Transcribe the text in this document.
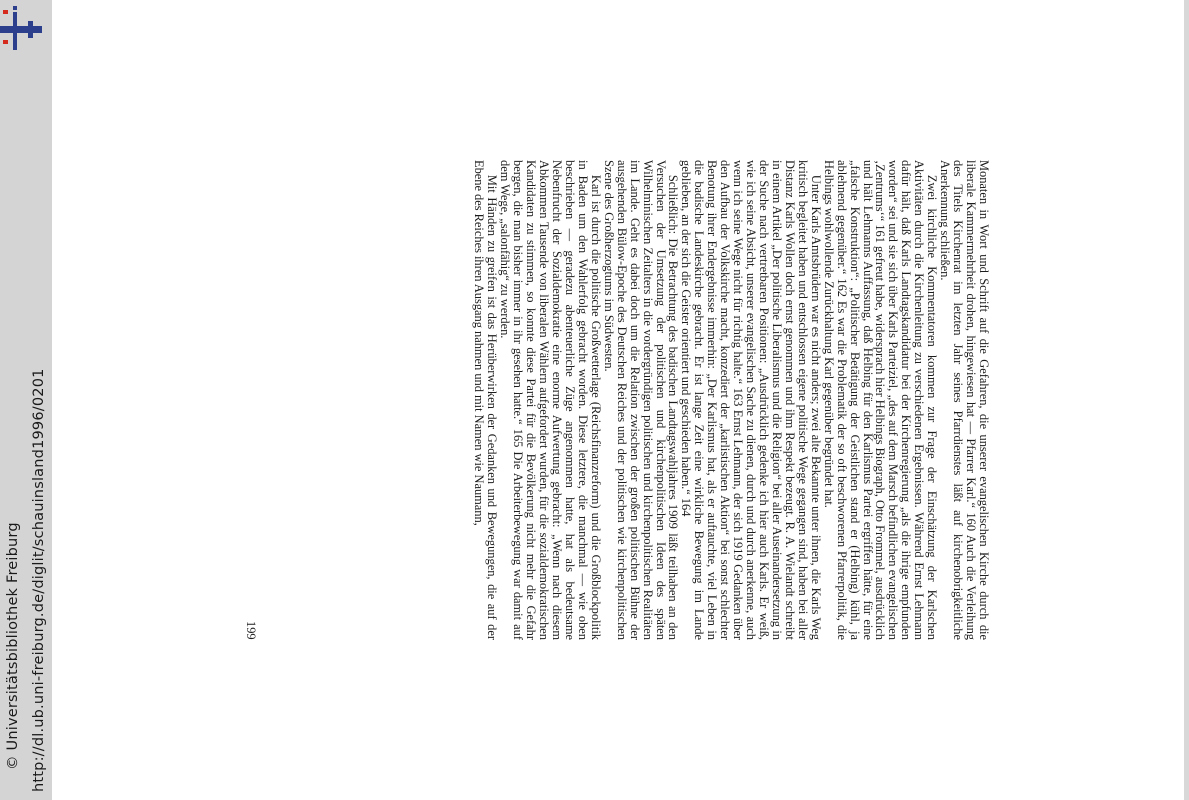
http://dl.ub.uni-freiburg.de/diglit/schauinsland1996/0201
© Universitätsbibliothek Freiburg

Monaten in Wort und Schrift auf die Gefahren, die unserer evangelischen Kirche durch die liberale Kammermehrheit drohen, hingewiesen hat — Pfarrer Karl.“ 160 Auch die Verleihung des Titels Kirchenrat im letzten Jahr seines Pfarrdienstes läßt auf kirchenobrigkeitliche Anerkennung schließen.

Zwei kirchliche Kommentatoren kommen zur Frage der Einschätzung der Karlschen Aktivitäten durch die Kirchenleitung zu verschiedenen Ergebnissen. Während Ernst Lehmann dafür hält, daß Karls Landtagskandidatur bei der Kirchenregierung „als die ihrige empfunden worden“ sei und sie sich über Karls Parteiziel, „des auf dem Marsch befindlichen evangelischen ‚Zentrums‘“ 161 gefreut habe, widersprach hier Helbings Biograph, Otto Frommel, ausdrücklich und hält Lehmanns Auffassung, daß Helbing für den Karlismus Partei ergriffen hätte, für eine „falsche Konstruktion“: „Politischer Betätigung der Geistlichen stand er (Helbing) kühl, ja ablehnend gegenüber.“ 162 Es war die Problematik der so oft beschworenen Pfarrerpolitik, die Helbings wohlwollende Zurückhaltung Karl gegenüber begründet hat.

Unter Karls Amtsbrüdern war es nicht anders; zwei alte Bekannte unter ihnen, die Karls Weg kritisch begleitet haben und entschlossen eigene politische Wege gegangen sind, haben bei aller Distanz Karls Wollen doch ernst genommen und ihm Respekt bezeugt. R. A. Wielandt schreibt in einem Artikel „Der politische Liberalismus und die Religion“ bei aller Auseinandersetzung in der Suche nach vertretbaren Positionen: „Ausdrücklich gedenke ich hier auch Karls. Er weiß, wie ich seine Absicht, unserer evangelischen Sache zu dienen, durch und durch anerkenne, auch wenn ich seine Wege nicht für richtig halte.“ 163 Ernst Lehmann, der sich 1919 Gedanken über den Aufbau der Volkskirche macht, konzediert der „karlistischen Aktion“ bei sonst schlechter Benotung ihrer Endergebnisse immerhin: „Der Karlismus hat, als er auftauchte, viel Leben in die badische Landeskirche gebracht. Er ist lange Zeit eine wirkliche Bewegung im Lande geblieben, an der sich die Geister orientiert und geschieden haben.“ 164

Schließlich: Die Betrachtung des badischen Landtagswahljahres 1909 läßt teilhaben an den Versuchen der Umsetzung der politischen und kirchenpolitischen Ideen des späten Wilhelminischen Zeitalters in die vordergründigen politischen und kirchenpolitischen Realitäten im Lande. Geht es dabei doch um die Relation zwischen der großen politischen Bühne der ausgehenden Bülow-Epoche des Deutschen Reiches und der politischen wie kirchenpolitischen Szene des Großherzogtums im Südwesten.

Karl ist durch die politische Großwetterlage (Reichsfinanzreform) und die Großblockpolitik in Baden um den Wahlerfolg gebracht worden. Diese letztere, die manchmal — wie oben beschrieben — geradezu abenteuerliche Züge angenommen hatte, hat als bedeutsame Nebenfrucht der Sozialdemokratie eine enorme Aufwertung gebracht: „Wenn nach diesem Abkommen Tausende von liberalen Wählern aufgefordert wurden, für die sozialdemokratischen Kandidaten zu stimmen, so konnte diese Partei für die Bevölkerung nicht mehr die Gefahr bergen, die man bisher immer in ihr gesehen hatte.“ 165 Die Arbeiterbewegung war damit auf dem Wege, „salonfähig“ zu werden.

Mit Händen zu greifen ist das Herüberwirken der Gedanken und Bewegungen, die auf der Ebene des Reiches ihren Ausgang nahmen und mit Namen wie Naumann,

199
